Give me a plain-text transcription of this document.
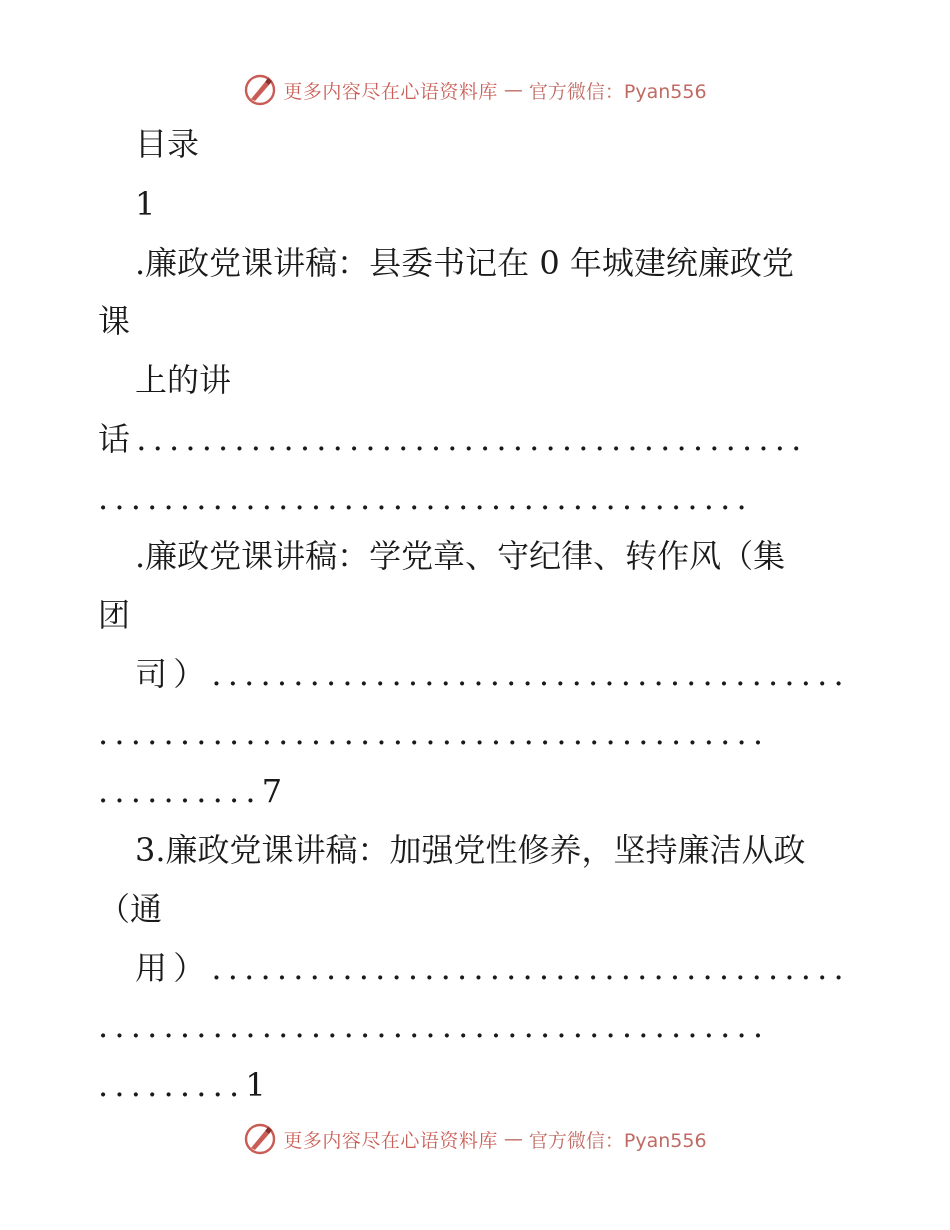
更多内容尽在心语资料库 — 官方微信：Pyan556
目录
1
.廉政党课讲稿：县委书记在 0 年城建统廉政党
课
上的讲
话.........................................
........................................
.廉政党课讲稿：学党章、守纪律、转作风（集
团
司）.......................................
.........................................
..........7
3.廉政党课讲稿：加强党性修养，坚持廉洁从政
（通
用）.......................................
.........................................
.........1
更多内容尽在心语资料库 — 官方微信：Pyan556
